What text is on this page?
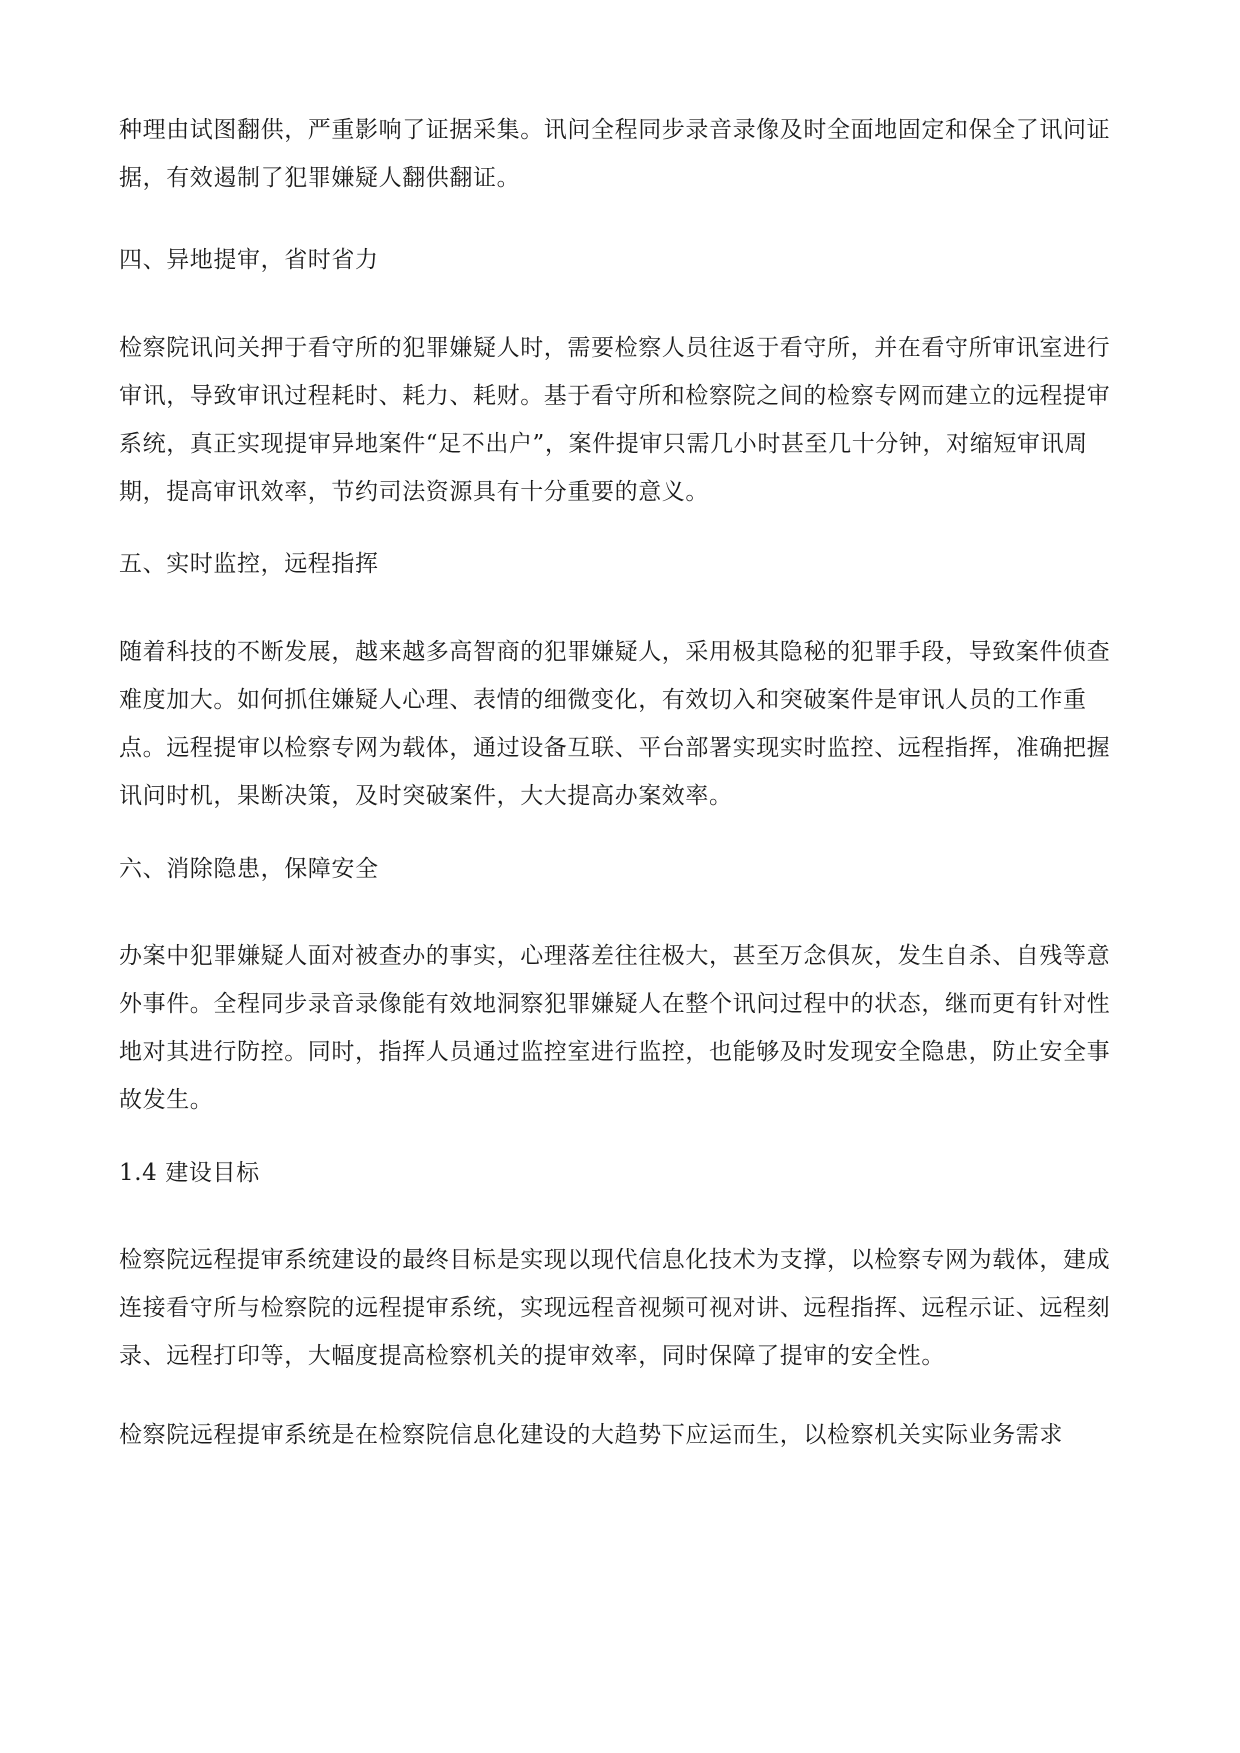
种理由试图翻供，严重影响了证据采集。讯问全程同步录音录像及时全面地固定和保全了讯问证据，有效遏制了犯罪嫌疑人翻供翻证。

四、异地提审，省时省力

检察院讯问关押于看守所的犯罪嫌疑人时，需要检察人员往返于看守所，并在看守所审讯室进行审讯，导致审讯过程耗时、耗力、耗财。基于看守所和检察院之间的检察专网而建立的远程提审系统，真正实现提审异地案件“足不出户”，案件提审只需几小时甚至几十分钟，对缩短审讯周期，提高审讯效率，节约司法资源具有十分重要的意义。

五、实时监控，远程指挥

随着科技的不断发展，越来越多高智商的犯罪嫌疑人，采用极其隐秘的犯罪手段，导致案件侦查难度加大。如何抓住嫌疑人心理、表情的细微变化，有效切入和突破案件是审讯人员的工作重点。远程提审以检察专网为载体，通过设备互联、平台部署实现实时监控、远程指挥，准确把握讯问时机，果断决策，及时突破案件，大大提高办案效率。

六、消除隐患，保障安全

办案中犯罪嫌疑人面对被查办的事实，心理落差往往极大，甚至万念俱灰，发生自杀、自残等意外事件。全程同步录音录像能有效地洞察犯罪嫌疑人在整个讯问过程中的状态，继而更有针对性地对其进行防控。同时，指挥人员通过监控室进行监控，也能够及时发现安全隐患，防止安全事故发生。

1.4 建设目标

检察院远程提审系统建设的最终目标是实现以现代信息化技术为支撑，以检察专网为载体，建成连接看守所与检察院的远程提审系统，实现远程音视频可视对讲、远程指挥、远程示证、远程刻录、远程打印等，大幅度提高检察机关的提审效率，同时保障了提审的安全性。

检察院远程提审系统是在检察院信息化建设的大趋势下应运而生，以检察机关实际业务需求
